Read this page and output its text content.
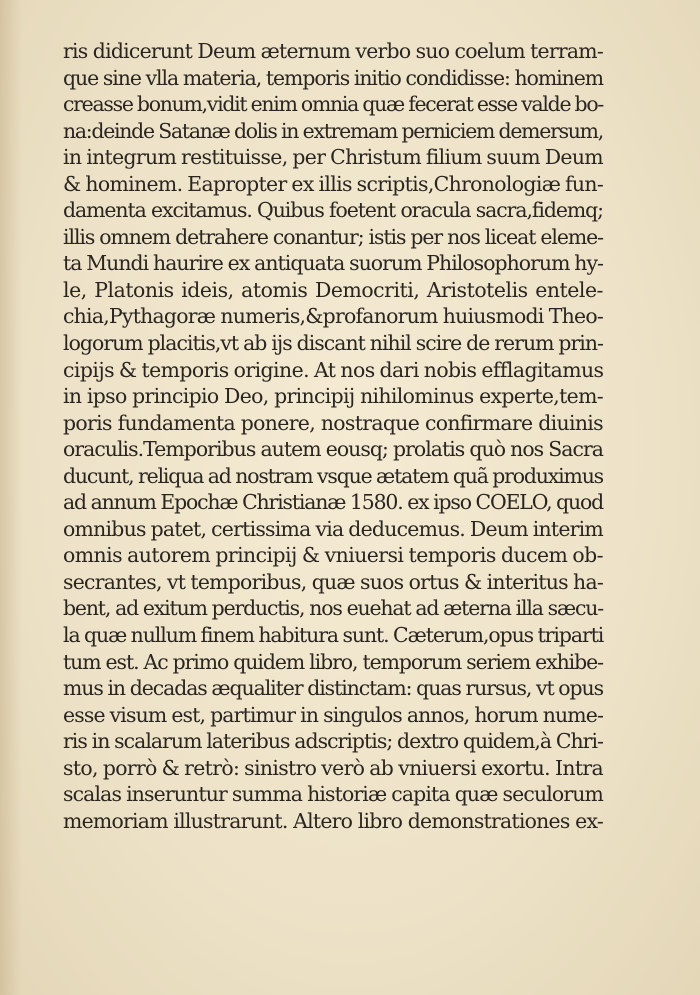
ris didicerunt Deum æternum verbo suo coelum terram-
que sine vlla materia, temporis initio condidisse: hominem
creasse bonum,vidit enim omnia quæ fecerat esse valde bo-
na:deinde Satanæ dolis in extremam perniciem demersum,
in integrum restituisse, per Christum filium suum Deum
& hominem. Eapropter ex illis scriptis,Chronologiæ fun-
damenta excitamus. Quibus foetent oracula sacra,fidemq;
illis omnem detrahere conantur; istis per nos liceat eleme-
ta Mundi haurire ex antiquata suorum Philosophorum hy-
le, Platonis ideis, atomis Democriti, Aristotelis entele-
chia,Pythagoræ numeris,&profanorum huiusmodi Theo-
logorum placitis,vt ab ijs discant nihil scire de rerum prin-
cipijs & temporis origine. At nos dari nobis efflagitamus
in ipso principio Deo, principij nihilominus experte,tem-
poris fundamenta ponere, nostraque confirmare diuinis
oraculis.Temporibus autem eousq; prolatis quò nos Sacra
ducunt, reliqua ad nostram vsque ætatem quã produximus
ad annum Epochæ Christianæ 1580. ex ipso COELO, quod
omnibus patet, certissima via deducemus. Deum interim
omnis autorem principij & vniuersi temporis ducem ob-
secrantes, vt temporibus, quæ suos ortus & interitus ha-
bent, ad exitum perductis, nos euehat ad æterna illa sæcu-
la quæ nullum finem habitura sunt. Cæterum,opus triparti
tum est. Ac primo quidem libro, temporum seriem exhibe-
mus in decadas æqualiter distinctam: quas rursus, vt opus
esse visum est, partimur in singulos annos, horum nume-
ris in scalarum lateribus adscriptis; dextro quidem,à Chri-
sto, porrò & retrò: sinistro verò ab vniuersi exortu. Intra
scalas inseruntur summa historiæ capita quæ seculorum
memoriam illustrarunt. Altero libro demonstrationes ex-
